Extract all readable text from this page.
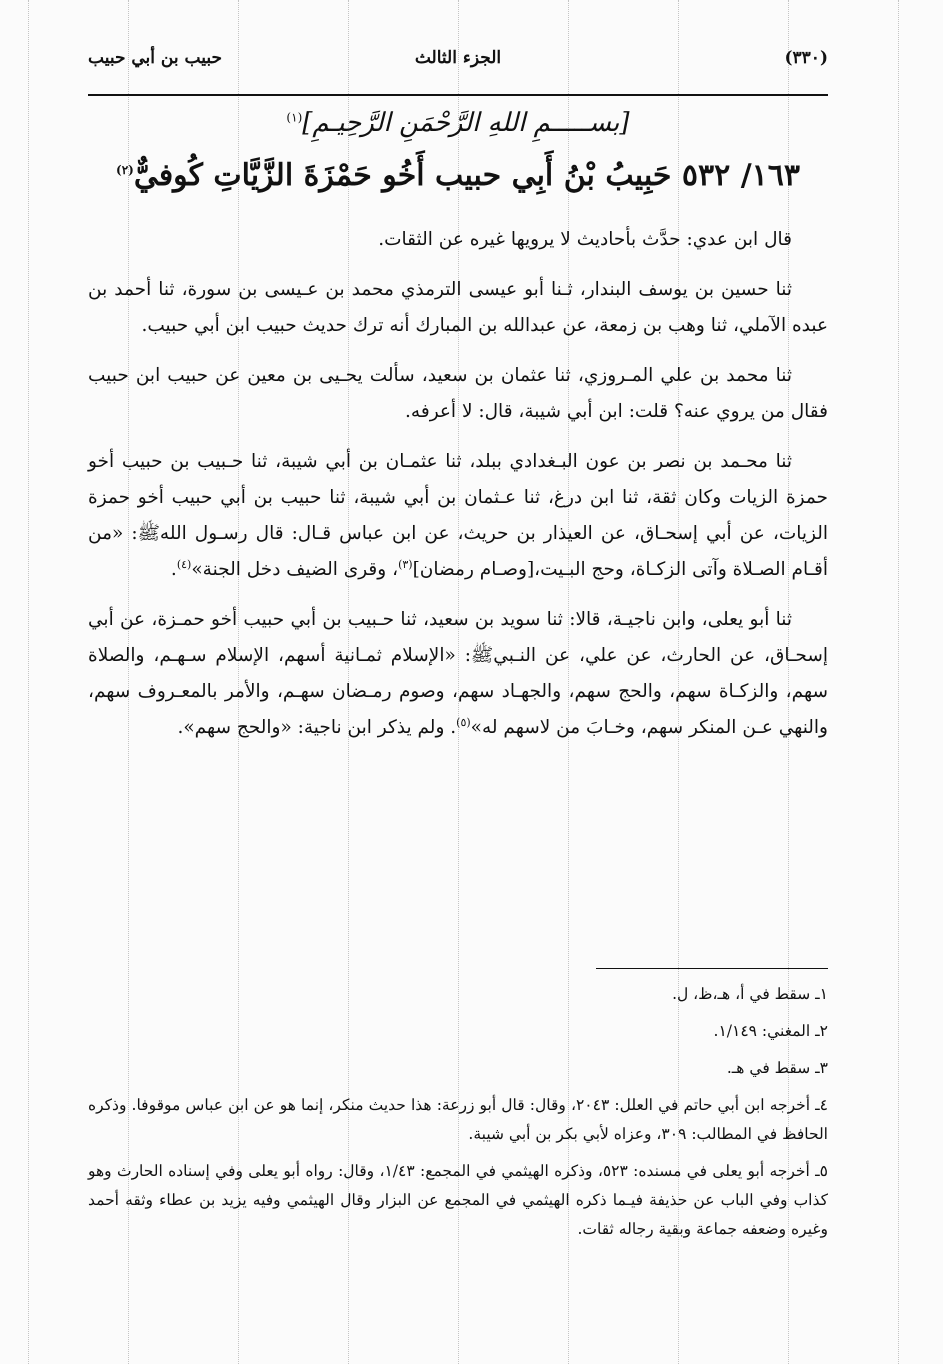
(٣٣٠)
الجزء الثالث
حبيب بن أبي حبيب
[بســـــمِ اللهِ الرَّحْمَنِ الرَّحِيـمِ]$^{(١)}$
١٦٣/ ٥٣٢ حَبِيبُ بْنُ أَبِي حبيب أَخُو حَمْزَةَ الزَّيَّاتِ كُوفيٌّ$^{(٢)}$

قال ابن عدي: حدَّث بأحاديث لا يرويها غيره عن الثقات.

ثنا حسين بن يوسف البندار، ثـنا أبو عيسى الترمذي محمد بن عـيسى بن سورة، ثنا أحمد بن عبده الآملي، ثنا وهب بن زمعة، عن عبدالله بن المبارك أنه ترك حديث حبيب ابن أبي حبيب.

ثنا محمد بن علي المـروزي، ثنا عثمان بن سعيد، سألت يحـيى بن معين عن حبيب ابن حبيب فقال من يروي عنه؟ قلت: ابن أبي شيبة، قال: لا أعرفه.

ثنا محـمد بن نصر بن عون البـغدادي ببلد، ثنا عثمـان بن أبي شيبة، ثنا حـبيب بن حبيب أخو حمزة الزيات وكان ثقة، ثنا ابن درغ، ثنا عـثمان بن أبي شيبة، ثنا حبيب بن أبي حبيب أخو حمزة الزيات، عن أبي إسحـاق، عن العيذار بن حريث، عن ابن عباس قـال: قال رسـول اللهﷺ: «من أقـام الصـلاة وآتى الزكـاة، وحج البـيت،[وصـام رمضان]$^{(٣)}$، وقرى الضيف دخل الجنة»$^{(٤)}$.

ثنا أبو يعلى، وابن ناجيـة، قالا: ثنا سويد بن سعيد، ثنا حـبيب بن أبي حبيب أخو حمـزة، عن أبي إسحـاق، عن الحارث، عن علي، عن النـبيﷺ: «الإسلام ثمـانية أسهم، الإسلام سـهـم، والصلاة سهم، والزكـاة سهم، والحج سهم، والجهـاد سهم، وصوم رمـضان سهـم، والأمر بالمعـروف سهم، والنهي عـن المنكر سهم، وخـابَ من لاسهم له»$^{(٥)}$. ولم يذكر ابن ناجية: «والحج سهم».

١ـ سقط في أ، هـ،ظ، ل.
٢ـ المغني: ١/١٤٩.
٣ـ سقط في هـ.
٤ـ أخرجه ابن أبي حاتم في العلل: ٢٠٤٣، وقال: قال أبو زرعة: هذا حديث منكر، إنما هو عن ابن عباس موقوفا. وذكره الحافظ في المطالب: ٣٠٩، وعزاه لأبي بكر بن أبي شيبة.
٥ـ أخرجه أبو يعلى في مسنده: ٥٢٣، وذكره الهيثمي في المجمع: ١/٤٣، وقال: رواه أبو يعلى وفي إسناده الحارث وهو كذاب وفي الباب عن حذيفة فيـما ذكره الهيثمي في المجمع عن البزار وقال الهيثمي وفيه يزيد بن عطاء وثقه أحمد وغيره وضعفه جماعة وبقية رجاله ثقات.
